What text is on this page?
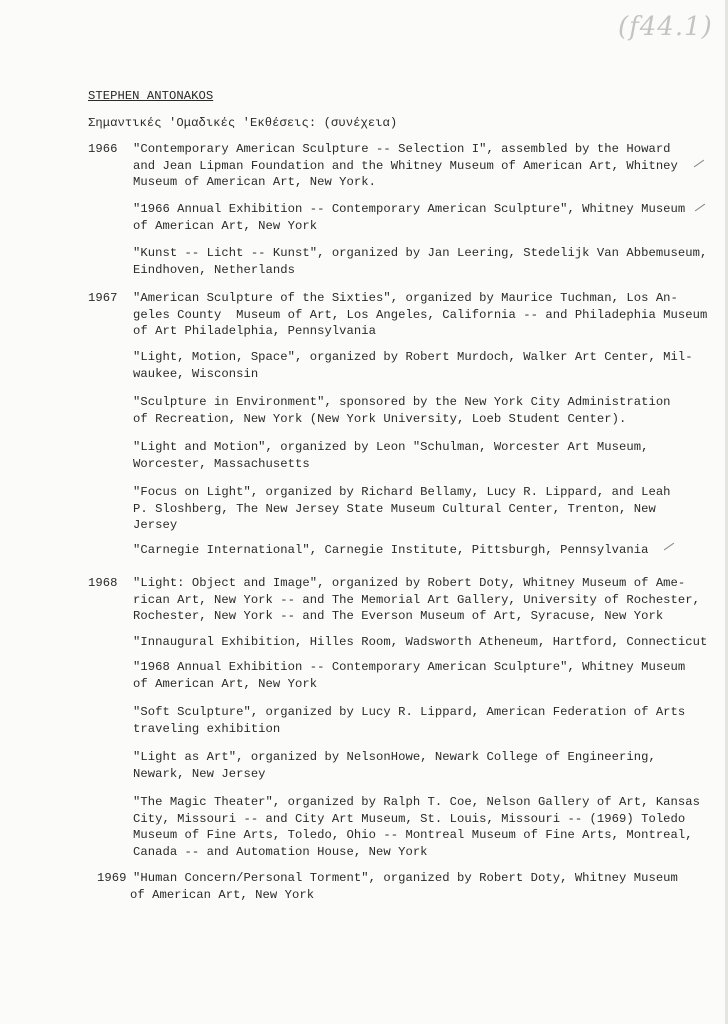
(f44.1)
STEPHEN ANTONAKOS
Σημαντικές 'Ομαδικές 'Εκθέσεις: (συνέχεια)
1966 "Contemporary American Sculpture -- Selection I", assembled by the Howard
and Jean Lipman Foundation and the Whitney Museum of American Art, Whitney
Museum of American Art, New York.
"1966 Annual Exhibition -- Contemporary American Sculpture", Whitney Museum
of American Art, New York
"Kunst -- Licht -- Kunst", organized by Jan Leering, Stedelijk Van Abbemuseum,
Eindhoven, Netherlands
1967 "American Sculpture of the Sixties", organized by Maurice Tuchman, Los An-
geles County  Museum of Art, Los Angeles, California -- and Philadephia Museum
of Art Philadelphia, Pennsylvania
"Light, Motion, Space", organized by Robert Murdoch, Walker Art Center, Mil-
waukee, Wisconsin
"Sculpture in Environment", sponsored by the New York City Administration
of Recreation, New York (New York University, Loeb Student Center).
"Light and Motion", organized by Leon "Schulman, Worcester Art Museum,
Worcester, Massachusetts
"Focus on Light", organized by Richard Bellamy, Lucy R. Lippard, and Leah
P. Sloshberg, The New Jersey State Museum Cultural Center, Trenton, New
Jersey
"Carnegie International", Carnegie Institute, Pittsburgh, Pennsylvania
1968 "Light: Object and Image", organized by Robert Doty, Whitney Museum of Ame-
rican Art, New York -- and The Memorial Art Gallery, University of Rochester,
Rochester, New York -- and The Everson Museum of Art, Syracuse, New York
"Innaugural Exhibition, Hilles Room, Wadsworth Atheneum, Hartford, Connecticut
"1968 Annual Exhibition -- Contemporary American Sculpture", Whitney Museum
of American Art, New York
"Soft Sculpture", organized by Lucy R. Lippard, American Federation of Arts
traveling exhibition
"Light as Art", organized by NelsonHowe, Newark College of Engineering,
Newark, New Jersey
"The Magic Theater", organized by Ralph T. Coe, Nelson Gallery of Art, Kansas
City, Missouri -- and City Art Museum, St. Louis, Missouri -- (1969) Toledo
Museum of Fine Arts, Toledo, Ohio -- Montreal Museum of Fine Arts, Montreal,
Canada -- and Automation House, New York
1969 "Human Concern/Personal Torment", organized by Robert Doty, Whitney Museum
of American Art, New York
